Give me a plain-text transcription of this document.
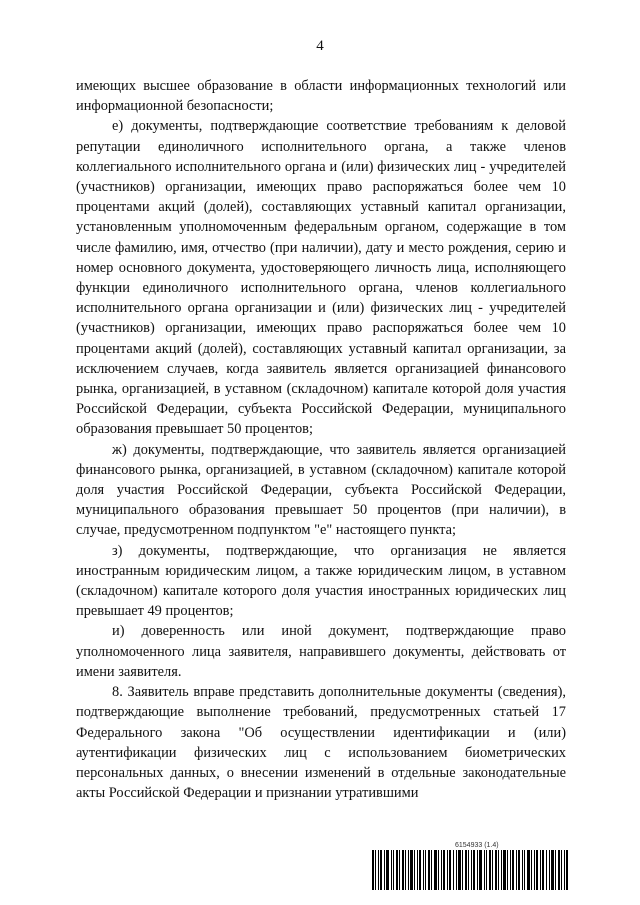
4

имеющих высшее образование в области информационных технологий или информационной безопасности;

е) документы, подтверждающие соответствие требованиям к деловой репутации единоличного исполнительного органа, а также членов коллегиального исполнительного органа и (или) физических лиц - учредителей (участников) организации, имеющих право распоряжаться более чем 10 процентами акций (долей), составляющих уставный капитал организации, установленным уполномоченным федеральным органом, содержащие в том числе фамилию, имя, отчество (при наличии), дату и место рождения, серию и номер основного документа, удостоверяющего личность лица, исполняющего функции единоличного исполнительного органа, членов коллегиального исполнительного органа организации и (или) физических лиц - учредителей (участников) организации, имеющих право распоряжаться более чем 10 процентами акций (долей), составляющих уставный капитал организации, за исключением случаев, когда заявитель является организацией финансового рынка, организацией, в уставном (складочном) капитале которой доля участия Российской Федерации, субъекта Российской Федерации, муниципального образования превышает 50 процентов;

ж) документы, подтверждающие, что заявитель является организацией финансового рынка, организацией, в уставном (складочном) капитале которой доля участия Российской Федерации, субъекта Российской Федерации, муниципального образования превышает 50 процентов (при наличии), в случае, предусмотренном подпунктом "е" настоящего пункта;

з) документы, подтверждающие, что организация не является иностранным юридическим лицом, а также юридическим лицом, в уставном (складочном) капитале которого доля участия иностранных юридических лиц превышает 49 процентов;

и) доверенность или иной документ, подтверждающие право уполномоченного лица заявителя, направившего документы, действовать от имени заявителя.

8. Заявитель вправе представить дополнительные документы (сведения), подтверждающие выполнение требований, предусмотренных статьей 17 Федерального закона "Об осуществлении идентификации и (или) аутентификации физических лиц с использованием биометрических персональных данных, о внесении изменений в отдельные законодательные акты Российской Федерации и признании утратившими

6154933 (1.4)
